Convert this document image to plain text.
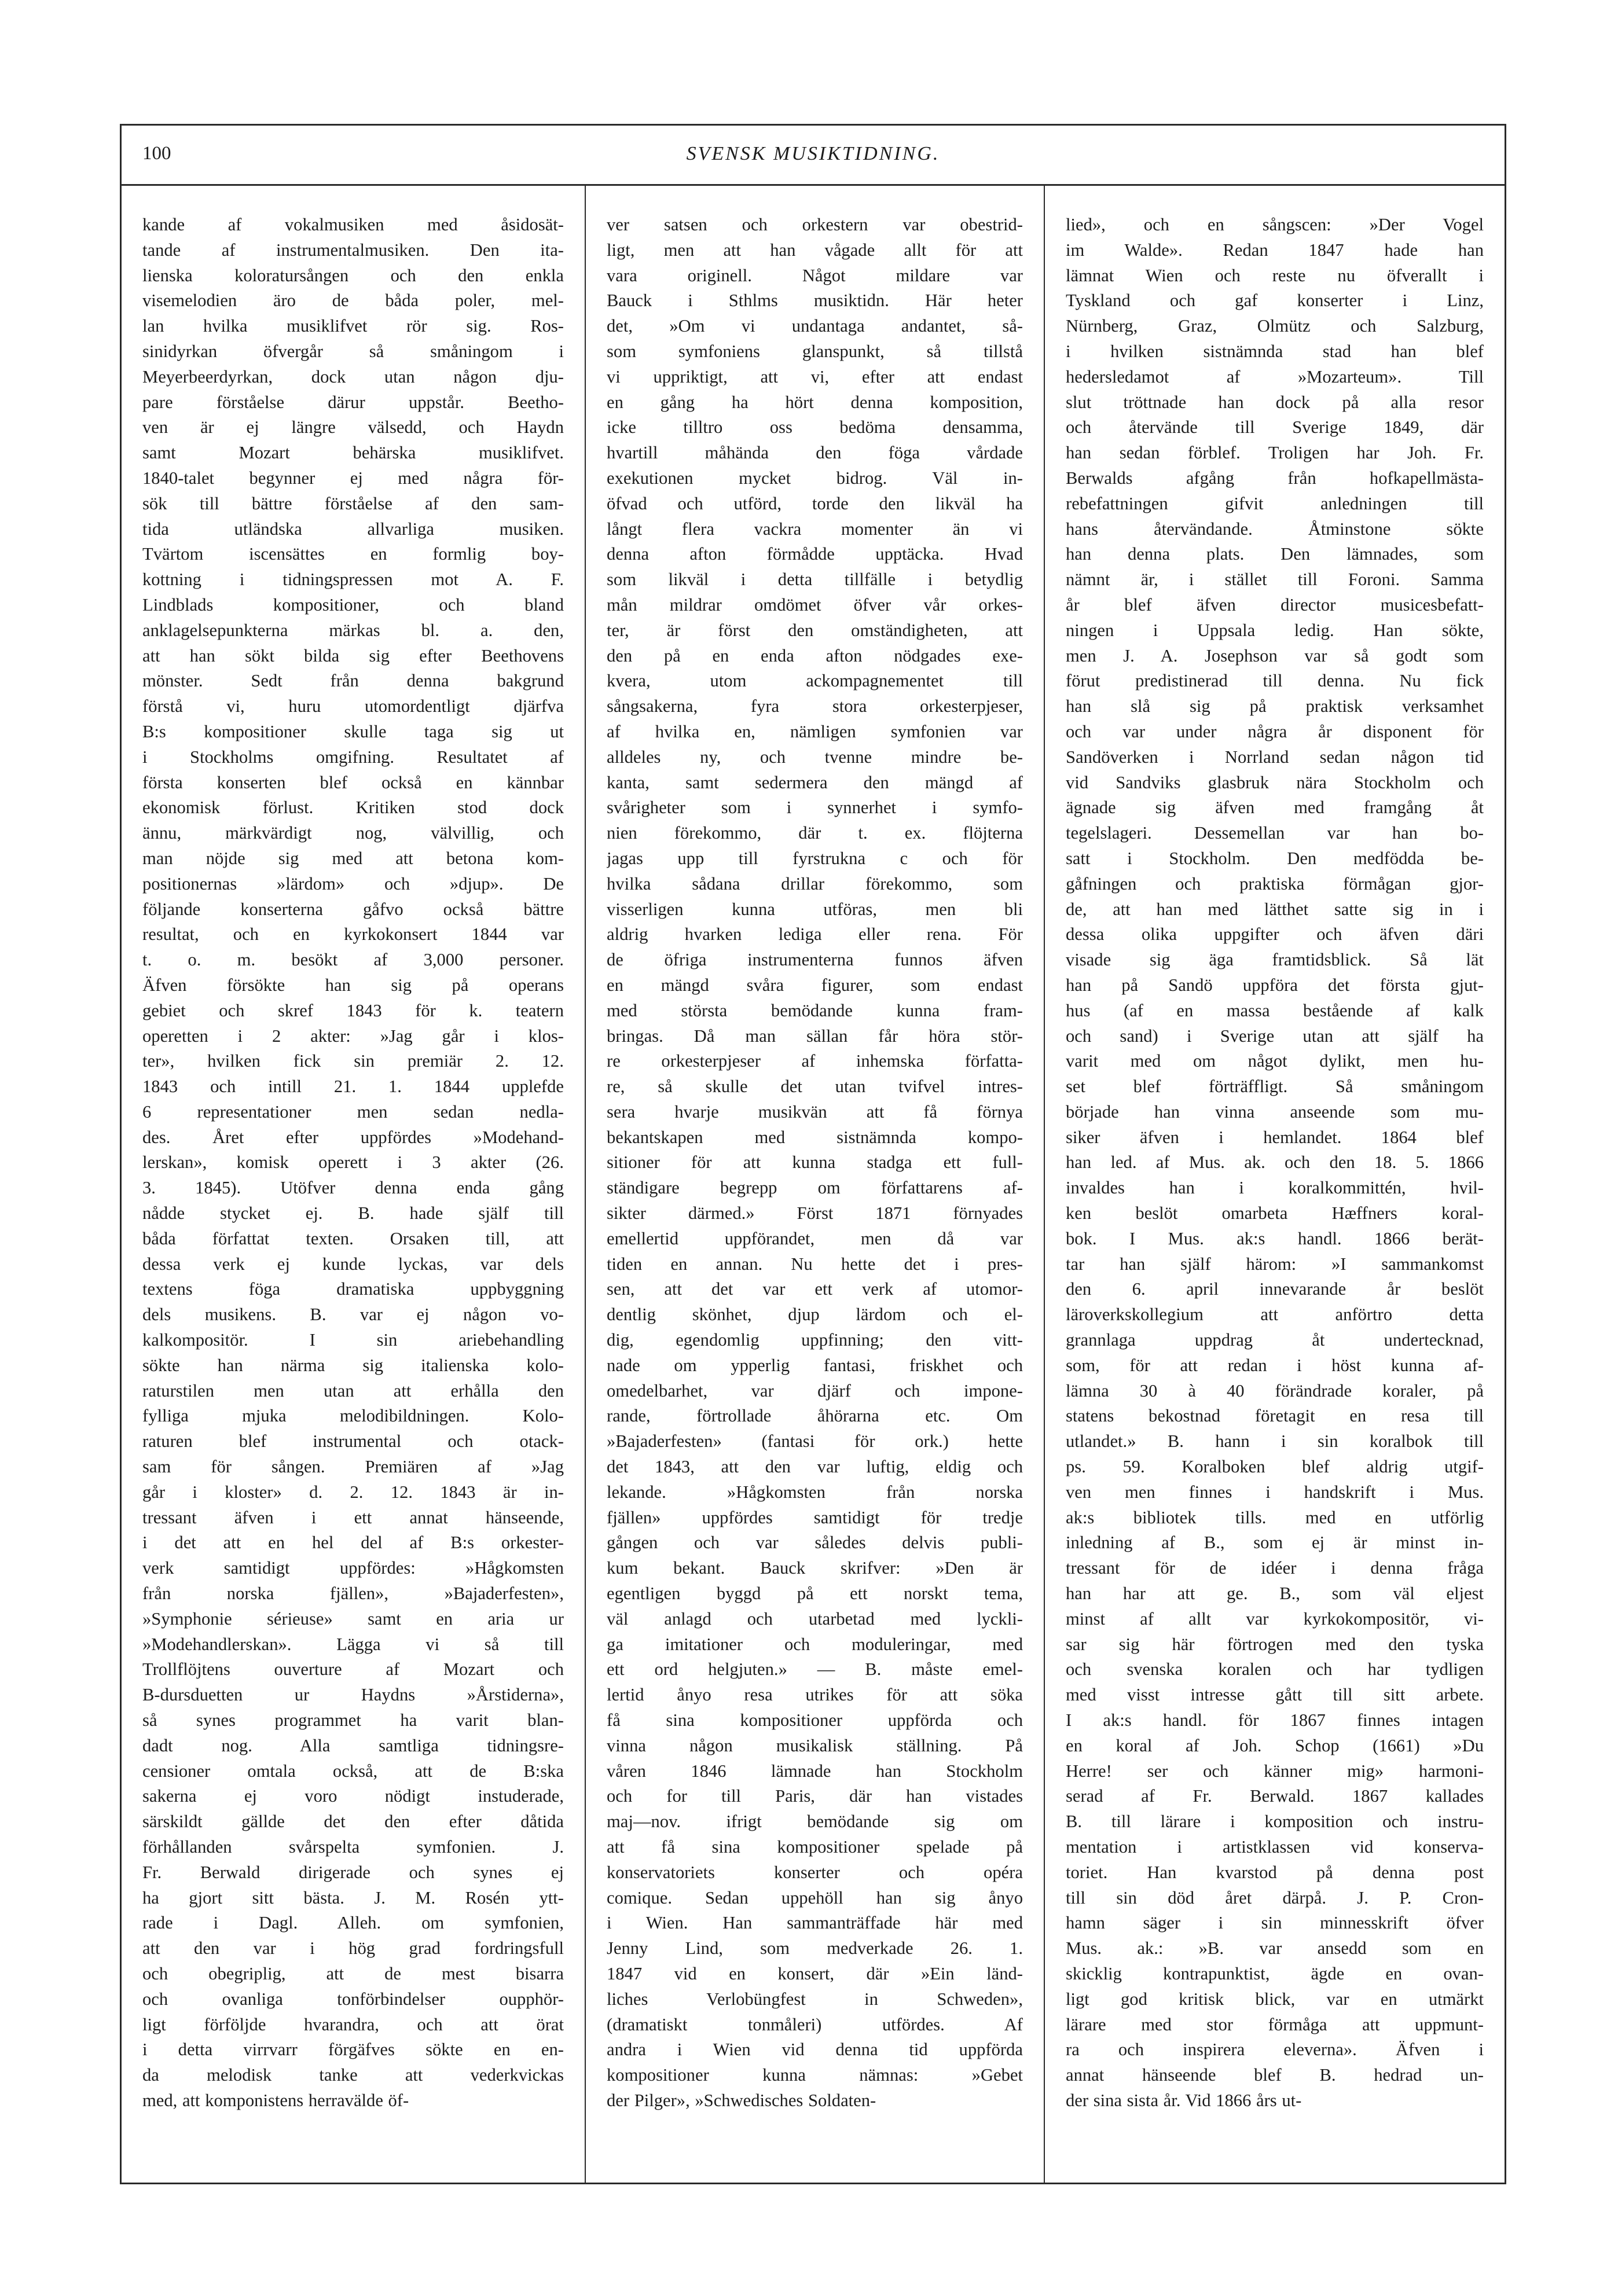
100	SVENSK MUSIKTIDNING.
kande af vokalmusiken med åsidosät-
tande af instrumentalmusiken. Den ita-
lienska koloratursången och den enkla
visemelodien äro de båda poler, mel-
lan hvilka musiklifvet rör sig. Ros-
sinidyrkan öfvergår så småningom i
Meyerbeerdyrkan, dock utan någon dju-
pare förståelse därur uppstår. Beetho-
ven är ej längre välsedd, och Haydn
samt Mozart behärska musiklifvet.
1840-talet begynner ej med några för-
sök till bättre förståelse af den sam-
tida utländska allvarliga musiken.
Tvärtom iscensättes en formlig boy-
kottning i tidningspressen mot A. F.
Lindblads kompositioner, och bland
anklagelsepunkterna märkas bl. a. den,
att han sökt bilda sig efter Beethovens
mönster. Sedt från denna bakgrund
förstå vi, huru utomordentligt djärfva
B:s kompositioner skulle taga sig ut
i Stockholms omgifning. Resultatet af
första konserten blef också en kännbar
ekonomisk förlust. Kritiken stod dock
ännu, märkvärdigt nog, välvillig, och
man nöjde sig med att betona kom-
positionernas »lärdom» och »djup». De
följande konserterna gåfvo också bättre
resultat, och en kyrkokonsert 1844 var
t. o. m. besökt af 3,000 personer.
Äfven försökte han sig på operans
gebiet och skref 1843 för k. teatern
operetten i 2 akter: »Jag går i klos-
ter», hvilken fick sin premiär 2. 12.
1843 och intill 21. 1. 1844 upplefde
6 representationer men sedan nedla-
des. Året efter uppfördes »Modehand-
lerskan», komisk operett i 3 akter (26.
3. 1845). Utöfver denna enda gång
nådde stycket ej. B. hade själf till
båda författat texten. Orsaken till, att
dessa verk ej kunde lyckas, var dels
textens föga dramatiska uppbyggning
dels musikens. B. var ej någon vo-
kalkompositör. I sin ariebehandling
sökte han närma sig italienska kolo-
raturstilen men utan att erhålla den
fylliga mjuka melodibildningen. Kolo-
raturen blef instrumental och otack-
sam för sången. Premiären af »Jag
går i kloster» d. 2. 12. 1843 är in-
tressant äfven i ett annat hänseende,
i det att en hel del af B:s orkester-
verk samtidigt uppfördes: »Hågkomsten
från norska fjällen», »Bajaderfesten»,
»Symphonie sérieuse» samt en aria ur
»Modehandlerskan». Lägga vi så till
Trollflöjtens ouverture af Mozart och
B-dursduetten ur Haydns »Årstiderna»,
så synes programmet ha varit blan-
dadt nog. Alla samtliga tidningsre-
censioner omtala också, att de B:ska
sakerna ej voro nödigt instuderade,
särskildt gällde det den efter dåtida
förhållanden svårspelta symfonien. J.
Fr. Berwald dirigerade och synes ej
ha gjort sitt bästa. J. M. Rosén ytt-
rade i Dagl. Alleh. om symfonien,
att den var i hög grad fordringsfull
och obegriplig, att de mest bisarra
och ovanliga tonförbindelser oupphör-
ligt förföljde hvarandra, och att örat
i detta virrvarr förgäfves sökte en en-
da melodisk tanke att vederkvickas
med, att komponistens herravälde öf-
ver satsen och orkestern var obestrid-
ligt, men att han vågade allt för att
vara originell. Något mildare var
Bauck i Sthlms musiktidn. Här heter
det, »Om vi undantaga andantet, så-
som symfoniens glanspunkt, så tillstå
vi uppriktigt, att vi, efter att endast
en gång ha hört denna komposition,
icke tilltro oss bedöma densamma,
hvartill måhända den föga vårdade
exekutionen mycket bidrog. Väl in-
öfvad och utförd, torde den likväl ha
långt flera vackra momenter än vi
denna afton förmådde upptäcka. Hvad
som likväl i detta tillfälle i betydlig
mån mildrar omdömet öfver vår orkes-
ter, är först den omständigheten, att
den på en enda afton nödgades exe-
kvera, utom ackompagnementet till
sångsakerna, fyra stora orkesterpjeser,
af hvilka en, nämligen symfonien var
alldeles ny, och tvenne mindre be-
kanta, samt sedermera den mängd af
svårigheter som i synnerhet i symfo-
nien förekommo, där t. ex. flöjterna
jagas upp till fyrstrukna c och för
hvilka sådana drillar förekommo, som
visserligen kunna utföras, men bli
aldrig hvarken lediga eller rena. För
de öfriga instrumenterna funnos äfven
en mängd svåra figurer, som endast
med största bemödande kunna fram-
bringas. Då man sällan får höra stör-
re orkesterpjeser af inhemska författa-
re, så skulle det utan tvifvel intres-
sera hvarje musikvän att få förnya
bekantskapen med sistnämnda kompo-
sitioner för att kunna stadga ett full-
ständigare begrepp om författarens af-
sikter därmed.» Först 1871 förnyades
emellertid uppförandet, men då var
tiden en annan. Nu hette det i pres-
sen, att det var ett verk af utomor-
dentlig skönhet, djup lärdom och el-
dig, egendomlig uppfinning; den vitt-
nade om ypperlig fantasi, friskhet och
omedelbarhet, var djärf och impone-
rande, förtrollade åhörarna etc. Om
»Bajaderfesten» (fantasi för ork.) hette
det 1843, att den var luftig, eldig och
lekande. »Hågkomsten från norska
fjällen» uppfördes samtidigt för tredje
gången och var således delvis publi-
kum bekant. Bauck skrifver: »Den är
egentligen byggd på ett norskt tema,
väl anlagd och utarbetad med lyckli-
ga imitationer och moduleringar, med
ett ord helgjuten.» — B. måste emel-
lertid ånyo resa utrikes för att söka
få sina kompositioner uppförda och
vinna någon musikalisk ställning. På
våren 1846 lämnade han Stockholm
och for till Paris, där han vistades
maj—nov. ifrigt bemödande sig om
att få sina kompositioner spelade på
konservatoriets konserter och opéra
comique. Sedan uppehöll han sig ånyo
i Wien. Han sammanträffade här med
Jenny Lind, som medverkade 26. 1.
1847 vid en konsert, där »Ein länd-
liches Verlobüngfest in Schweden»,
(dramatiskt tonmåleri) utfördes. Af
andra i Wien vid denna tid uppförda
kompositioner kunna nämnas: »Gebet
der Pilger», »Schwedisches Soldaten-
lied», och en sångscen: »Der Vogel
im Walde». Redan 1847 hade han
lämnat Wien och reste nu öfverallt i
Tyskland och gaf konserter i Linz,
Nürnberg, Graz, Olmütz och Salzburg,
i hvilken sistnämnda stad han blef
hedersledamot af »Mozarteum». Till
slut tröttnade han dock på alla resor
och återvände till Sverige 1849, där
han sedan förblef. Troligen har Joh. Fr.
Berwalds afgång från hofkapellmästa-
rebefattningen gifvit anledningen till
hans återvändande. Åtminstone sökte
han denna plats. Den lämnades, som
nämnt är, i stället till Foroni. Samma
år blef äfven director musicesbefatt-
ningen i Uppsala ledig. Han sökte,
men J. A. Josephson var så godt som
förut predistinerad till denna. Nu fick
han slå sig på praktisk verksamhet
och var under några år disponent för
Sandöverken i Norrland sedan någon tid
vid Sandviks glasbruk nära Stockholm och
ägnade sig äfven med framgång åt
tegelslageri. Dessemellan var han bo-
satt i Stockholm. Den medfödda be-
gåfningen och praktiska förmågan gjor-
de, att han med lätthet satte sig in i
dessa olika uppgifter och äfven däri
visade sig äga framtidsblick. Så lät
han på Sandö uppföra det första gjut-
hus (af en massa bestående af kalk
och sand) i Sverige utan att själf ha
varit med om något dylikt, men hu-
set blef förträffligt. Så småningom
började han vinna anseende som mu-
siker äfven i hemlandet. 1864 blef
han led. af Mus. ak. och den 18. 5. 1866
invaldes han i koralkommittén, hvil-
ken beslöt omarbeta Hæffners koral-
bok. I Mus. ak:s handl. 1866 berät-
tar han själf härom: »I sammankomst
den 6. april innevarande år beslöt
läroverkskollegium att anförtro detta
grannlaga uppdrag åt undertecknad,
som, för att redan i höst kunna af-
lämna 30 à 40 förändrade koraler, på
statens bekostnad företagit en resa till
utlandet.» B. hann i sin koralbok till
ps. 59. Koralboken blef aldrig utgif-
ven men finnes i handskrift i Mus.
ak:s bibliotek tills. med en utförlig
inledning af B., som ej är minst in-
tressant för de idéer i denna fråga
han har att ge. B., som väl eljest
minst af allt var kyrkokompositör, vi-
sar sig här förtrogen med den tyska
och svenska koralen och har tydligen
med visst intresse gått till sitt arbete.
I ak:s handl. för 1867 finnes intagen
en koral af Joh. Schop (1661) »Du
Herre! ser och känner mig» harmoni-
serad af Fr. Berwald. 1867 kallades
B. till lärare i komposition och instru-
mentation i artistklassen vid konserva-
toriet. Han kvarstod på denna post
till sin död året därpå. J. P. Cron-
hamn säger i sin minnesskrift öfver
Mus. ak.: »B. var ansedd som en
skicklig kontrapunktist, ägde en ovan-
ligt god kritisk blick, var en utmärkt
lärare med stor förmåga att uppmunt-
ra och inspirera eleverna». Äfven i
annat hänseende blef B. hedrad un-
der sina sista år. Vid 1866 års ut-
